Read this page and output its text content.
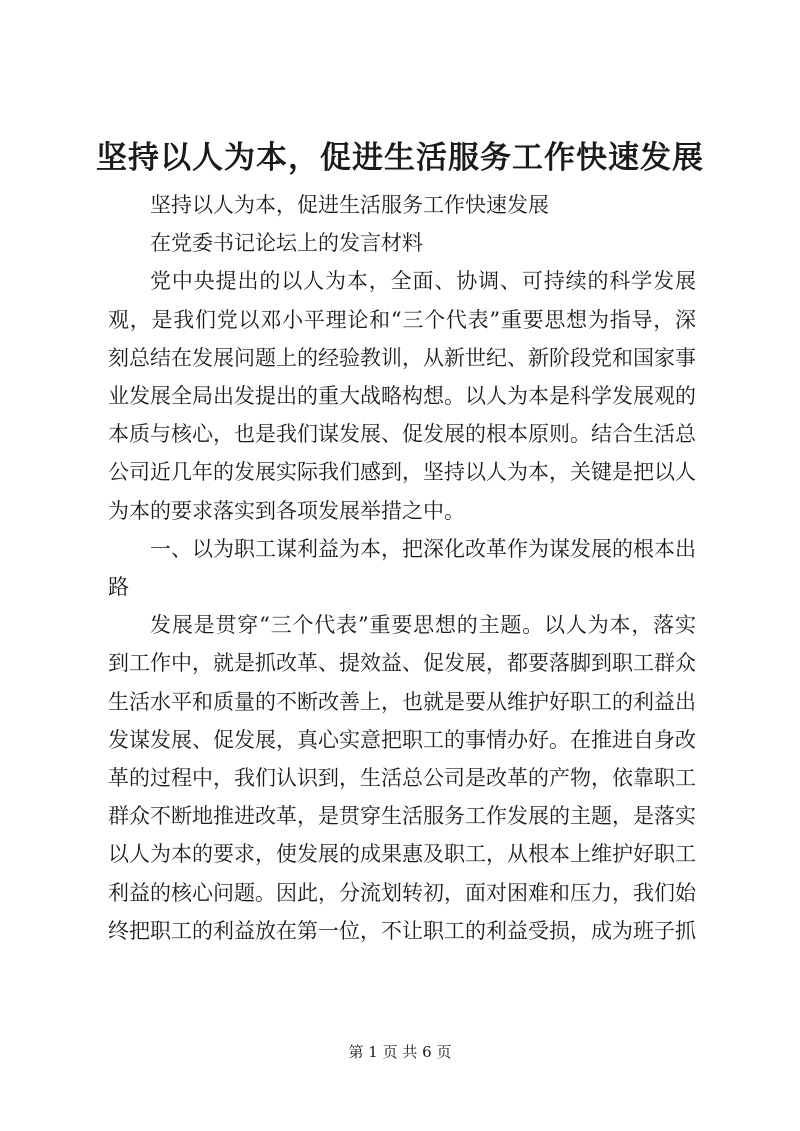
坚持以人为本，促进生活服务工作快速发展

坚持以人为本，促进生活服务工作快速发展

在党委书记论坛上的发言材料

党中央提出的以人为本，全面、协调、可持续的科学发展观，是我们党以邓小平理论和“三个代表”重要思想为指导，深刻总结在发展问题上的经验教训，从新世纪、新阶段党和国家事业发展全局出发提出的重大战略构想。以人为本是科学发展观的本质与核心，也是我们谋发展、促发展的根本原则。结合生活总公司近几年的发展实际我们感到，坚持以人为本，关键是把以人为本的要求落实到各项发展举措之中。

一、以为职工谋利益为本，把深化改革作为谋发展的根本出路

发展是贯穿“三个代表”重要思想的主题。以人为本，落实到工作中，就是抓改革、提效益、促发展，都要落脚到职工群众生活水平和质量的不断改善上，也就是要从维护好职工的利益出发谋发展、促发展，真心实意把职工的事情办好。在推进自身改革的过程中，我们认识到，生活总公司是改革的产物，依靠职工群众不断地推进改革，是贯穿生活服务工作发展的主题，是落实以人为本的要求，使发展的成果惠及职工，从根本上维护好职工利益的核心问题。因此，分流划转初，面对困难和压力，我们始终把职工的利益放在第一位，不让职工的利益受损，成为班子抓

第 1 页 共 6 页
